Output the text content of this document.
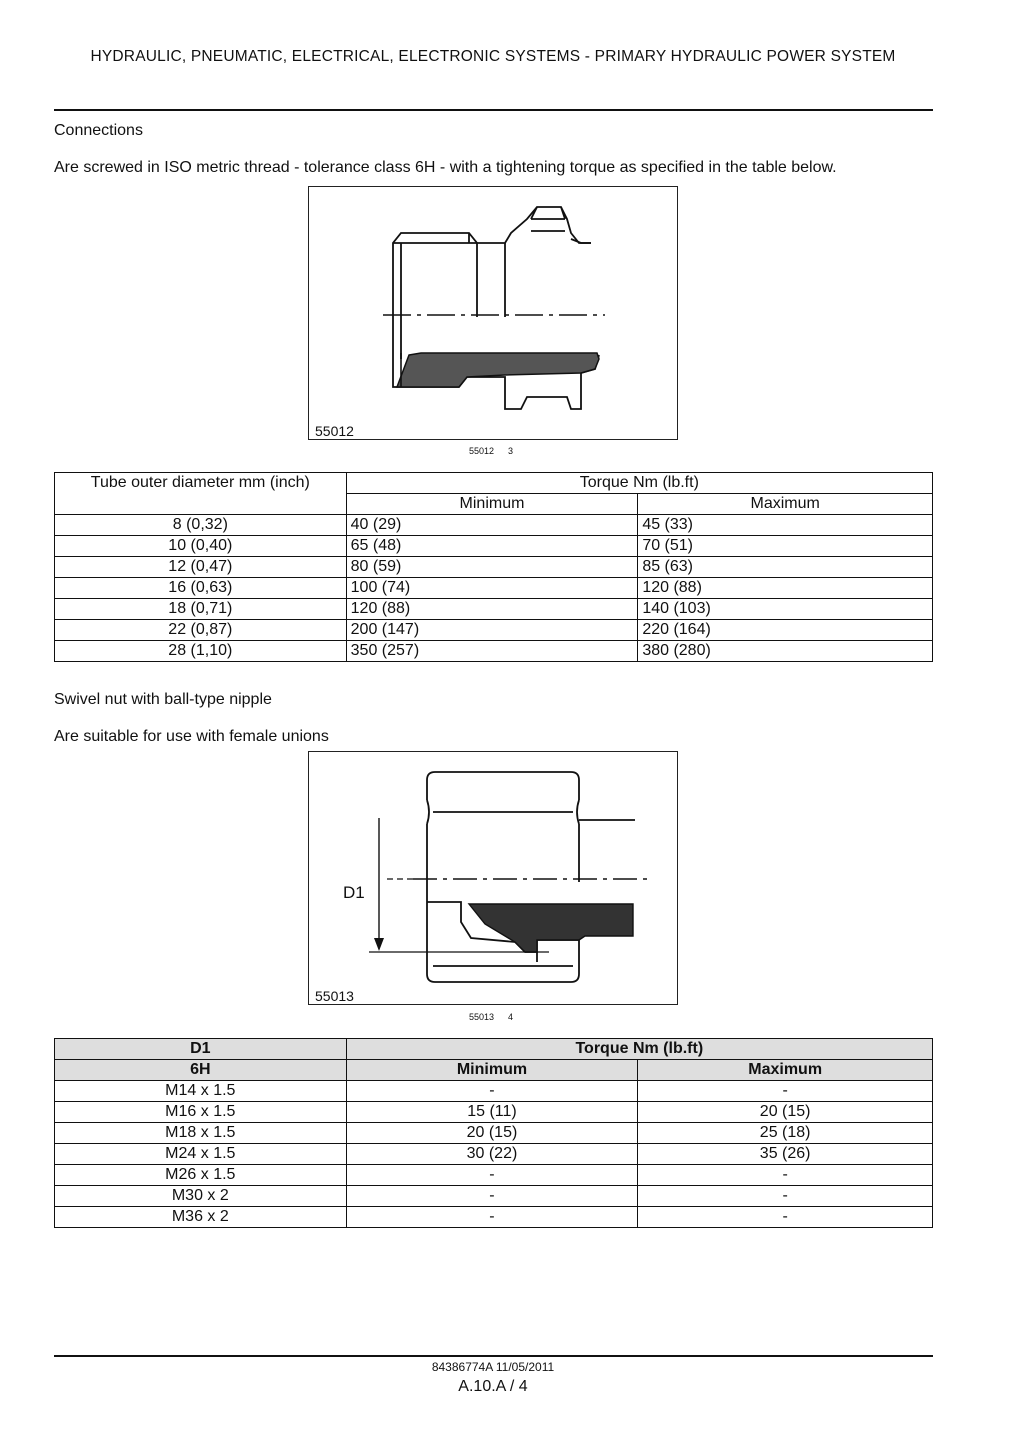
HYDRAULIC, PNEUMATIC, ELECTRICAL, ELECTRONIC SYSTEMS - PRIMARY HYDRAULIC POWER SYSTEM
Connections
Are screwed in ISO metric thread - tolerance class 6H - with a tightening torque as specified in the table below.
55012
55012 3
Tube outer diameter mm (inch)	Torque Nm (lb.ft)	
	Minimum	Maximum
8 (0,32)	40 (29)	45 (33)
10 (0,40)	65 (48)	70 (51)
12 (0,47)	80 (59)	85 (63)
16 (0,63)	100 (74)	120 (88)
18 (0,71)	120 (88)	140 (103)
22 (0,87)	200 (147)	220 (164)
28 (1,10)	350 (257)	380 (280)
Swivel nut with ball-type nipple
Are suitable for use with female unions
D1
55013
55013 4
D1	Torque Nm (lb.ft)	
6H	Minimum	Maximum
M14 x 1.5	-	-
M16 x 1.5	15 (11)	20 (15)
M18 x 1.5	20 (15)	25 (18)
M24 x 1.5	30 (22)	35 (26)
M26 x 1.5	-	-
M30 x 2	-	-
M36 x 2	-	-
84386774A 11/05/2011
A.10.A / 4
